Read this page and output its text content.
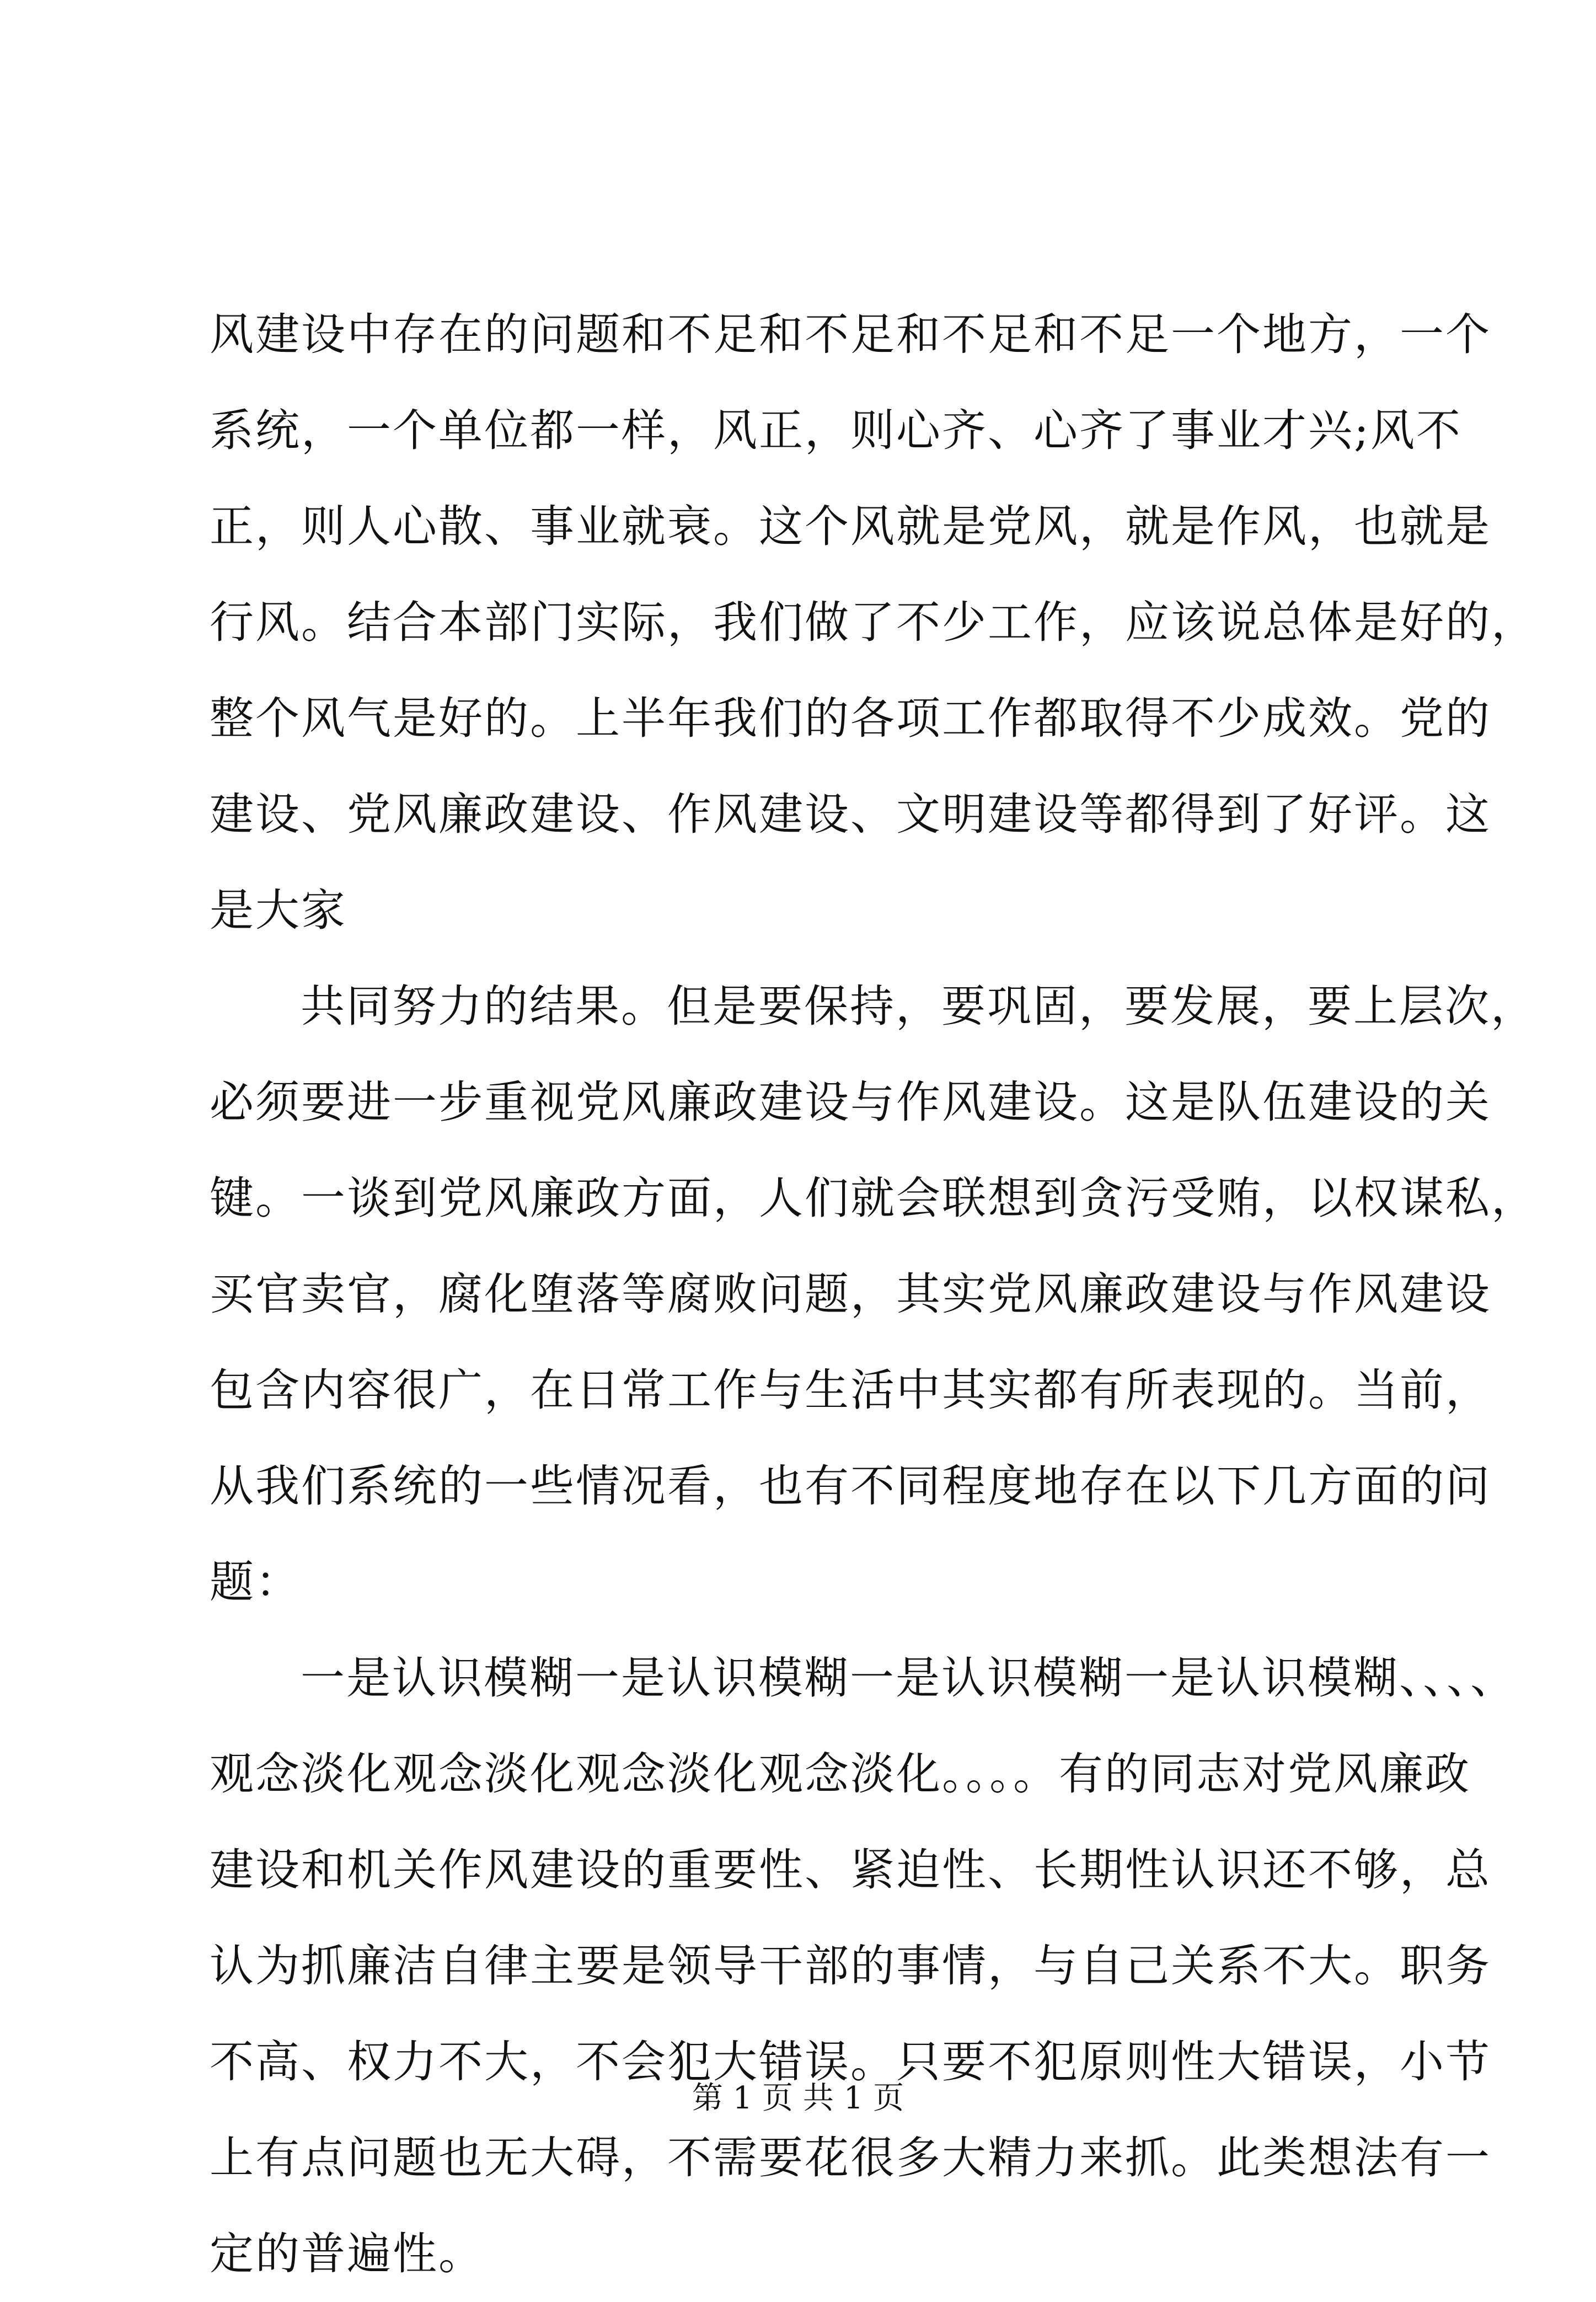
风建设中存在的问题和不足和不足和不足和不足一个地方，一个
系统，一个单位都一样，风正，则心齐、心齐了事业才兴;风不
正，则人心散、事业就衰。这个风就是党风，就是作风，也就是
行风。结合本部门实际，我们做了不少工作，应该说总体是好的，
整个风气是好的。上半年我们的各项工作都取得不少成效。党的
建设、党风廉政建设、作风建设、文明建设等都得到了好评。这
是大家
共同努力的结果。但是要保持，要巩固，要发展，要上层次，
必须要进一步重视党风廉政建设与作风建设。这是队伍建设的关
键。一谈到党风廉政方面，人们就会联想到贪污受贿，以权谋私，
买官卖官，腐化堕落等腐败问题，其实党风廉政建设与作风建设
包含内容很广，在日常工作与生活中其实都有所表现的。当前，
从我们系统的一些情况看，也有不同程度地存在以下几方面的问
题：
一是认识模糊一是认识模糊一是认识模糊一是认识模糊、、、、
观念淡化观念淡化观念淡化观念淡化。。。。有的同志对党风廉政
建设和机关作风建设的重要性、紧迫性、长期性认识还不够，总
认为抓廉洁自律主要是领导干部的事情，与自己关系不大。职务
不高、权力不大，不会犯大错误。只要不犯原则性大错误，小节
上有点问题也无大碍，不需要花很多大精力来抓。此类想法有一
定的普遍性。
第 1 页 共 1 页
